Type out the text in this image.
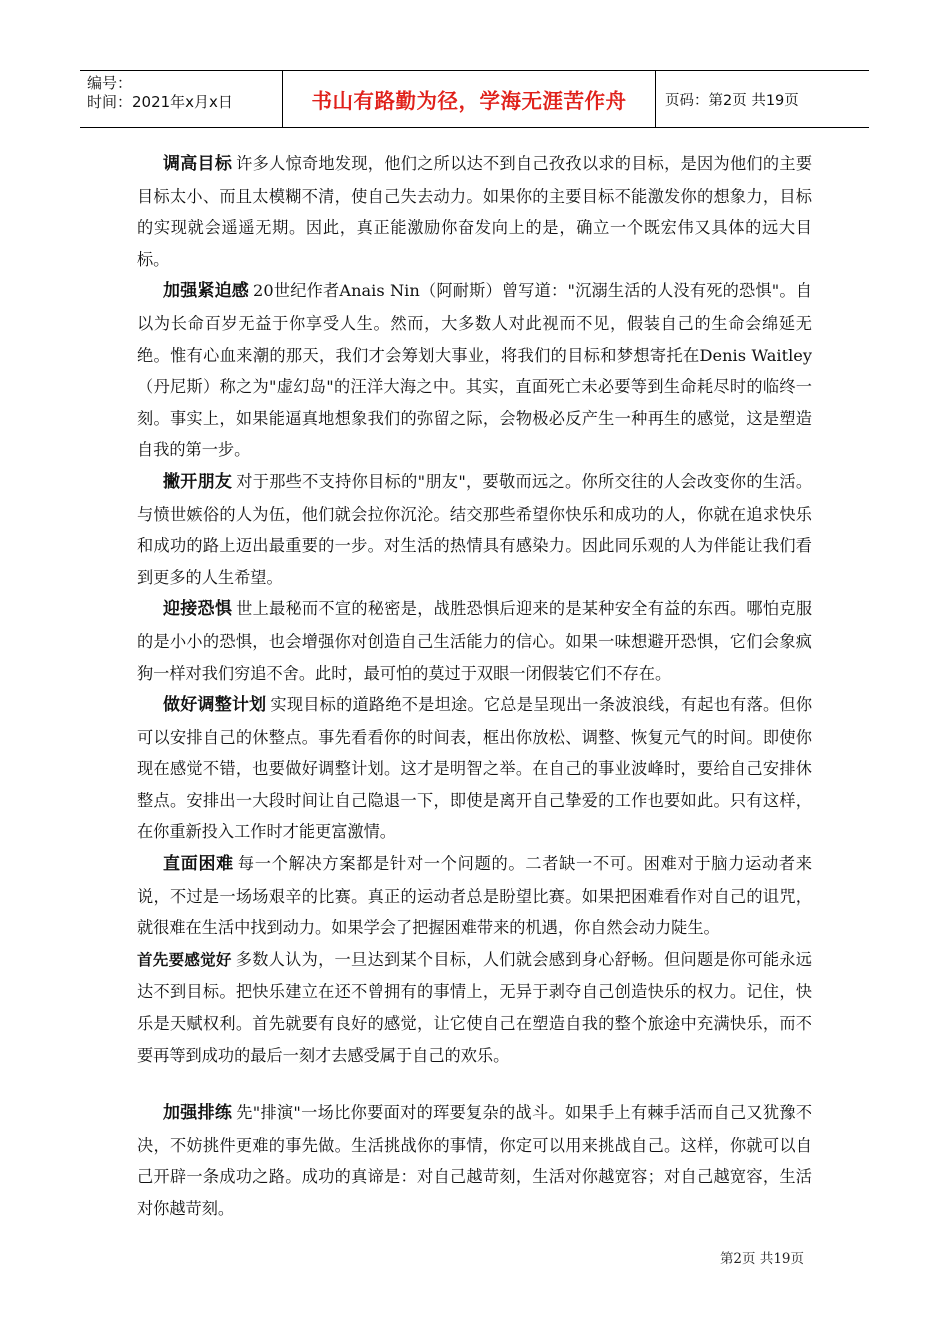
编号：
时间：2021年x月x日	书山有路勤为径，学海无涯苦作舟	页码：第2页 共19页

调高目标 许多人惊奇地发现，他们之所以达不到自己孜孜以求的目标，是因为他们的主要目标太小、而且太模糊不清，使自己失去动力。如果你的主要目标不能激发你的想象力，目标的实现就会遥遥无期。因此，真正能激励你奋发向上的是，确立一个既宏伟又具体的远大目标。

加强紧迫感 20世纪作者Anais Nin（阿耐斯）曾写道："沉溺生活的人没有死的恐惧"。自以为长命百岁无益于你享受人生。然而，大多数人对此视而不见，假装自己的生命会绵延无绝。惟有心血来潮的那天，我们才会筹划大事业，将我们的目标和梦想寄托在Denis Waitley（丹尼斯）称之为"虚幻岛"的汪洋大海之中。其实，直面死亡未必要等到生命耗尽时的临终一刻。事实上，如果能逼真地想象我们的弥留之际，会物极必反产生一种再生的感觉，这是塑造自我的第一步。

撇开朋友 对于那些不支持你目标的"朋友"，要敬而远之。你所交往的人会改变你的生活。与愤世嫉俗的人为伍，他们就会拉你沉沦。结交那些希望你快乐和成功的人，你就在追求快乐和成功的路上迈出最重要的一步。对生活的热情具有感染力。因此同乐观的人为伴能让我们看到更多的人生希望。

迎接恐惧 世上最秘而不宣的秘密是，战胜恐惧后迎来的是某种安全有益的东西。哪怕克服的是小小的恐惧，也会增强你对创造自己生活能力的信心。如果一味想避开恐惧，它们会象疯狗一样对我们穷追不舍。此时，最可怕的莫过于双眼一闭假装它们不存在。

做好调整计划 实现目标的道路绝不是坦途。它总是呈现出一条波浪线，有起也有落。但你可以安排自己的休整点。事先看看你的时间表，框出你放松、调整、恢复元气的时间。即使你现在感觉不错，也要做好调整计划。这才是明智之举。在自己的事业波峰时，要给自己安排休整点。安排出一大段时间让自己隐退一下，即使是离开自己挚爱的工作也要如此。只有这样，在你重新投入工作时才能更富激情。

直面困难 每一个解决方案都是针对一个问题的。二者缺一不可。困难对于脑力运动者来说，不过是一场场艰辛的比赛。真正的运动者总是盼望比赛。如果把困难看作对自己的诅咒，就很难在生活中找到动力。如果学会了把握困难带来的机遇，你自然会动力陡生。

首先要感觉好 多数人认为，一旦达到某个目标，人们就会感到身心舒畅。但问题是你可能永远达不到目标。把快乐建立在还不曾拥有的事情上，无异于剥夺自己创造快乐的权力。记住，快乐是天赋权利。首先就要有良好的感觉，让它使自己在塑造自我的整个旅途中充满快乐，而不要再等到成功的最后一刻才去感受属于自己的欢乐。

加强排练 先"排演"一场比你要面对的珲要复杂的战斗。如果手上有棘手活而自己又犹豫不决，不妨挑件更难的事先做。生活挑战你的事情，你定可以用来挑战自己。这样，你就可以自己开辟一条成功之路。成功的真谛是：对自己越苛刻，生活对你越宽容；对自己越宽容，生活对你越苛刻。

第2页 共19页
